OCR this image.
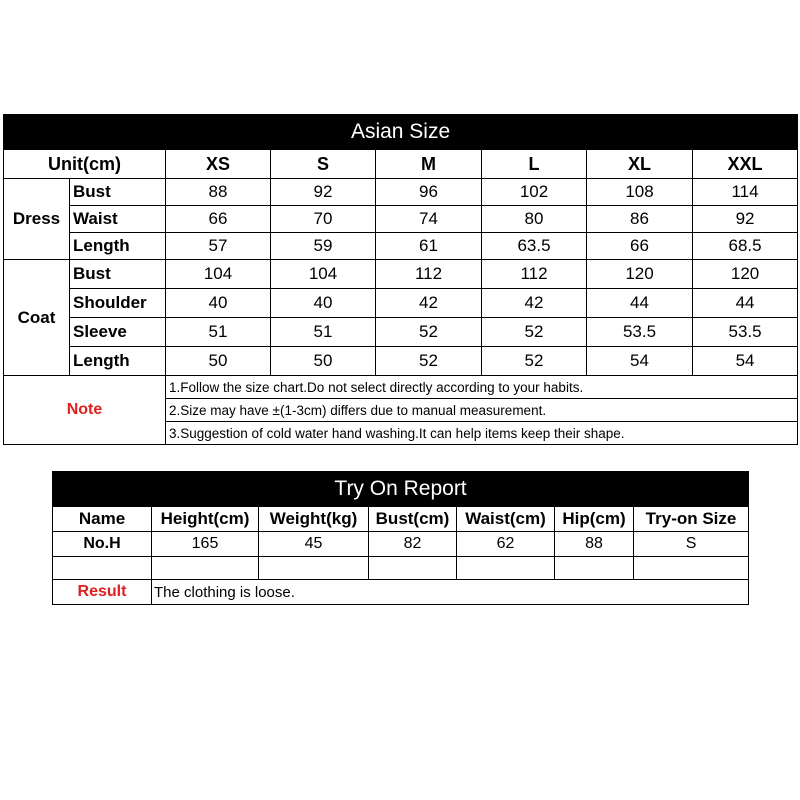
Asian Size							
Unit(cm)		XS	S	M	L	XL	XXL
Dress	Bust	88	92	96	102	108	114
	Waist	66	70	74	80	86	92
	Length	57	59	61	63.5	66	68.5
Coat	Bust	104	104	112	112	120	120
	Shoulder	40	40	42	42	44	44
	Sleeve	51	51	52	52	53.5	53.5
	Length	50	50	52	52	54	54
Note		1.Follow the size chart.Do not select directly according to your habits.					
		2.Size may have ±(1-3cm) differs due to manual measurement.					
		3.Suggestion of cold water hand washing.It can help items keep their shape.					
Try On Report						
Name	Height(cm)	Weight(kg)	Bust(cm)	Waist(cm)	Hip(cm)	Try-on Size
No.H	165	45	82	62	88	S

Result	The clothing is loose.					
